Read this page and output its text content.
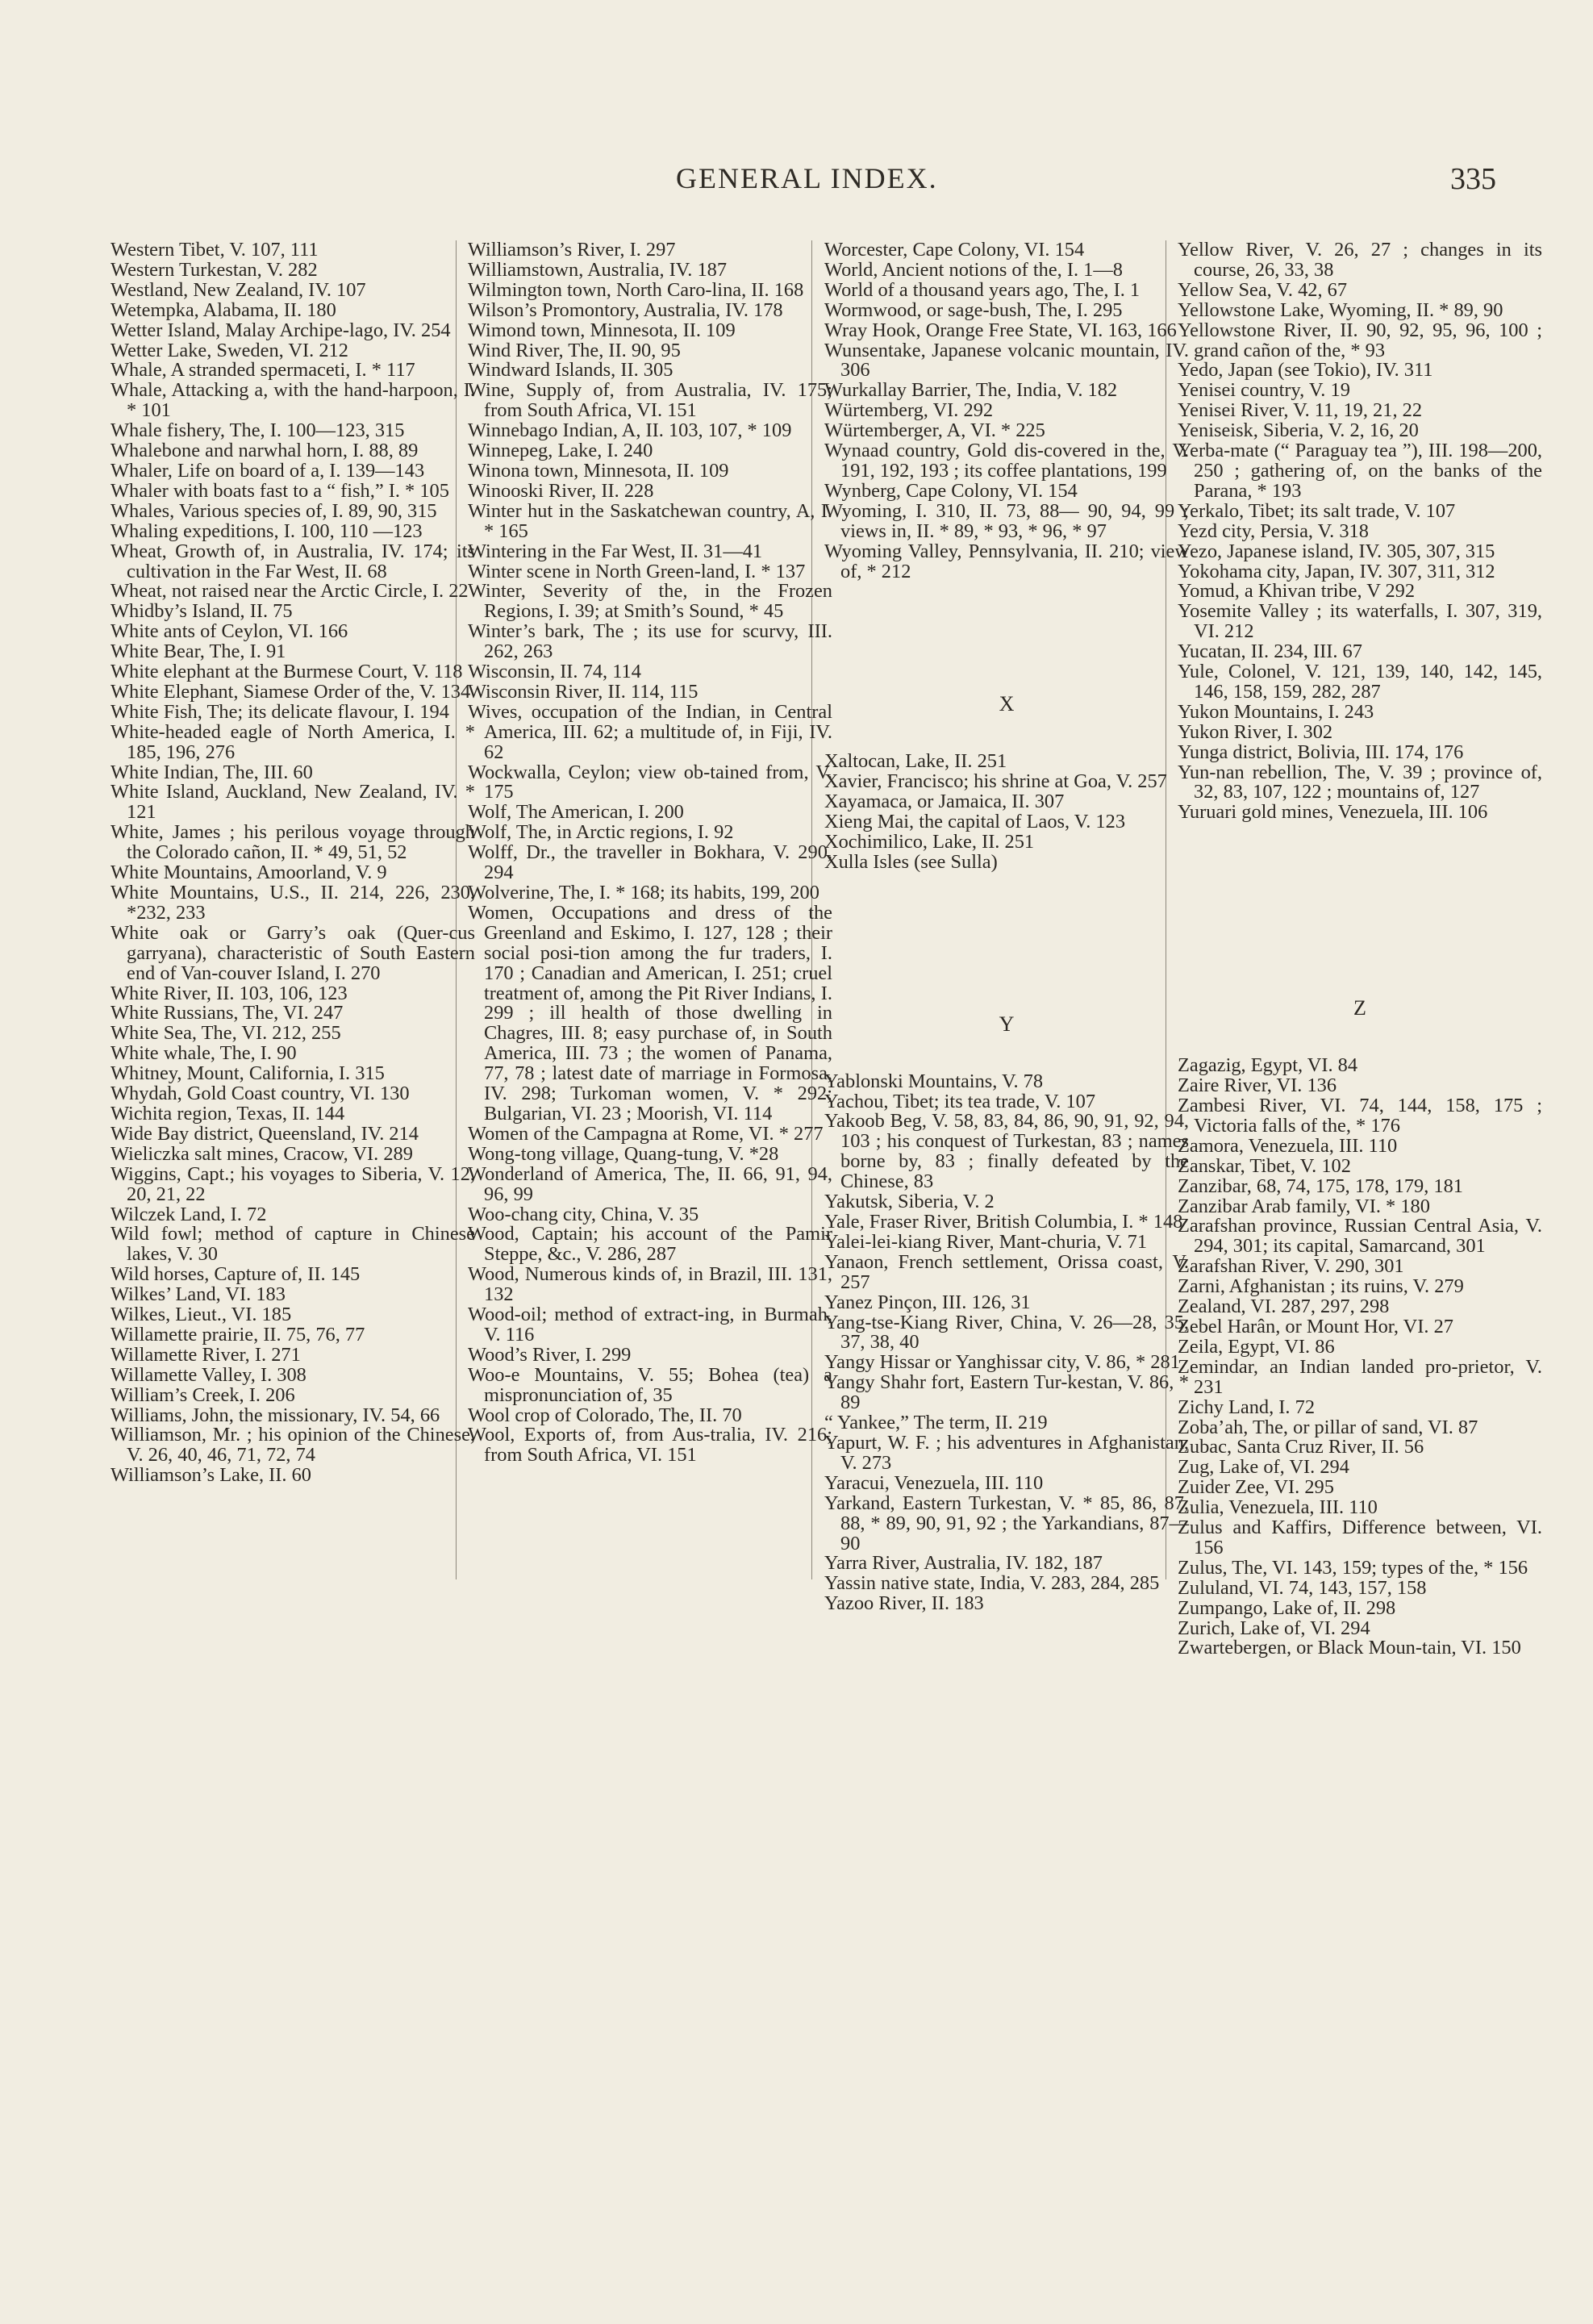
GENERAL INDEX.	335

Western Tibet, V. 107, 111

Western Turkestan, V. 282

Westland, New Zealand, IV. 107

Wetempka, Alabama, II. 180

Wetter Island, Malay Archipe-lago, IV. 254

Wetter Lake, Sweden, VI. 212

Whale, A stranded spermaceti, I. * 117

Whale, Attacking a, with the hand-harpoon, I. * 101

Whale fishery, The, I. 100—123, 315

Whalebone and narwhal horn, I. 88, 89

Whaler, Life on board of a, I. 139—143

Whaler with boats fast to a “ fish,” I. * 105

Whales, Various species of, I. 89, 90, 315

Whaling expeditions, I. 100, 110 —123

Wheat, Growth of, in Australia, IV. 174; its cultivation in the Far West, II. 68

Wheat, not raised near the Arctic Circle, I. 22

Whidby’s Island, II. 75

White ants of Ceylon, VI. 166

White Bear, The, I. 91

White elephant at the Burmese Court, V. 118

White Elephant, Siamese Order of the, V. 134

White Fish, The; its delicate flavour, I. 194

White-headed eagle of North America, I. * 185, 196, 276

White Indian, The, III. 60

White Island, Auckland, New Zealand, IV. * 121

White, James ; his perilous voyage through the Colorado cañon, II. * 49, 51, 52

White Mountains, Amoorland, V. 9

White Mountains, U.S., II. 214, 226, 230, *232, 233

White oak or Garry’s oak (Quer-cus garryana), characteristic of South Eastern end of Van-couver Island, I. 270

White River, II. 103, 106, 123

White Russians, The, VI. 247

White Sea, The, VI. 212, 255

White whale, The, I. 90

Whitney, Mount, California, I. 315

Whydah, Gold Coast country, VI. 130

Wichita region, Texas, II. 144

Wide Bay district, Queensland, IV. 214

Wieliczka salt mines, Cracow, VI. 289

Wiggins, Capt.; his voyages to Siberia, V. 12, 20, 21, 22

Wilczek Land, I. 72

Wild fowl; method of capture in Chinese lakes, V. 30

Wild horses, Capture of, II. 145

Wilkes’ Land, VI. 183

Wilkes, Lieut., VI. 185

Willamette prairie, II. 75, 76, 77

Willamette River, I. 271

Willamette Valley, I. 308

William’s Creek, I. 206

Williams, John, the missionary, IV. 54, 66

Williamson, Mr. ; his opinion of the Chinese, V. 26, 40, 46, 71, 72, 74

Williamson’s Lake, II. 60

Williamson’s River, I. 297

Williamstown, Australia, IV. 187

Wilmington town, North Caro-lina, II. 168

Wilson’s Promontory, Australia, IV. 178

Wimond town, Minnesota, II. 109

Wind River, The, II. 90, 95

Windward Islands, II. 305

Wine, Supply of, from Australia, IV. 175; from South Africa, VI. 151

Winnebago Indian, A, II. 103, 107, * 109

Winnepeg, Lake, I. 240

Winona town, Minnesota, II. 109

Winooski River, II. 228

Winter hut in the Saskatchewan country, A, I. * 165

Wintering in the Far West, II. 31—41

Winter scene in North Green-land, I. * 137

Winter, Severity of the, in the Frozen Regions, I. 39; at Smith’s Sound, * 45

Winter’s bark, The ; its use for scurvy, III. 262, 263

Wisconsin, II. 74, 114

Wisconsin River, II. 114, 115

Wives, occupation of the Indian, in Central America, III. 62; a multitude of, in Fiji, IV. 62

Wockwalla, Ceylon; view ob-tained from, V. 175

Wolf, The American, I. 200

Wolf, The, in Arctic regions, I. 92

Wolff, Dr., the traveller in Bokhara, V. 290, 294

Wolverine, The, I. * 168; its habits, 199, 200

Women, Occupations and dress of the Greenland and Eskimo, I. 127, 128 ; their social posi-tion among the fur traders, I. 170 ; Canadian and American, I. 251; cruel treatment of, among the Pit River Indians, I. 299 ; ill health of those dwelling in Chagres, III. 8; easy purchase of, in South America, III. 73 ; the women of Panama, 77, 78 ; latest date of marriage in Formosa, IV. 298; Turkoman women, V. * 292; Bulgarian, VI. 23 ; Moorish, VI. 114

Women of the Campagna at Rome, VI. * 277

Wong-tong village, Quang-tung, V. *28

Wonderland of America, The, II. 66, 91, 94, 96, 99

Woo-chang city, China, V. 35

Wood, Captain; his account of the Pamir Steppe, &c., V. 286, 287

Wood, Numerous kinds of, in Brazil, III. 131, 132

Wood-oil; method of extract-ing, in Burmah, V. 116

Wood’s River, I. 299

Woo-e Mountains, V. 55; Bohea (tea) a mispronunciation of, 35

Wool crop of Colorado, The, II. 70

Wool, Exports of, from Aus-tralia, IV. 216; from South Africa, VI. 151

Worcester, Cape Colony, VI. 154

World, Ancient notions of the, I. 1—8

World of a thousand years ago, The, I. 1

Wormwood, or sage-bush, The, I. 295

Wray Hook, Orange Free State, VI. 163, 166

Wunsentake, Japanese volcanic mountain, IV. 306

Wurkallay Barrier, The, India, V. 182

Würtemberg, VI. 292

Würtemberger, A, VI. * 225

Wynaad country, Gold dis-covered in the, V. 191, 192, 193 ; its coffee plantations, 199

Wynberg, Cape Colony, VI. 154

Wyoming, I. 310, II. 73, 88— 90, 94, 99 ; views in, II. * 89, * 93, * 96, * 97

Wyoming Valley, Pennsylvania, II. 210; view of, * 212

X

Xaltocan, Lake, II. 251

Xavier, Francisco; his shrine at Goa, V. 257

Xayamaca, or Jamaica, II. 307

Xieng Mai, the capital of Laos, V. 123

Xochimilico, Lake, II. 251

Xulla Isles (see Sulla)

Y

Yablonski Mountains, V. 78

Yachou, Tibet; its tea trade, V. 107

Yakoob Beg, V. 58, 83, 84, 86, 90, 91, 92, 94, 103 ; his conquest of Turkestan, 83 ; names borne by, 83 ; finally defeated by the Chinese, 83

Yakutsk, Siberia, V. 2

Yale, Fraser River, British Columbia, I. * 148

Yalei-lei-kiang River, Mant-churia, V. 71

Yanaon, French settlement, Orissa coast, V. 257

Yanez Pinçon, III. 126, 31

Yang-tse-Kiang River, China, V. 26—28, 35, 37, 38, 40

Yangy Hissar or Yanghissar city, V. 86, * 281

Yangy Shahr fort, Eastern Tur-kestan, V. 86, * 89

“ Yankee,” The term, II. 219

Yapurt, W. F. ; his adventures in Afghanistan, V. 273

Yaracui, Venezuela, III. 110

Yarkand, Eastern Turkestan, V. * 85, 86, 87, 88, * 89, 90, 91, 92 ; the Yarkandians, 87— 90

Yarra River, Australia, IV. 182, 187

Yassin native state, India, V. 283, 284, 285

Yazoo River, II. 183

Yellow River, V. 26, 27 ; changes in its course, 26, 33, 38

Yellow Sea, V. 42, 67

Yellowstone Lake, Wyoming, II. * 89, 90

Yellowstone River, II. 90, 92, 95, 96, 100 ; grand cañon of the, * 93

Yedo, Japan (see Tokio), IV. 311

Yenisei country, V. 19

Yenisei River, V. 11, 19, 21, 22

Yeniseisk, Siberia, V. 2, 16, 20

Yerba-mate (“ Paraguay tea ”), III. 198—200, 250 ; gathering of, on the banks of the Parana, * 193

Yerkalo, Tibet; its salt trade, V. 107

Yezd city, Persia, V. 318

Yezo, Japanese island, IV. 305, 307, 315

Yokohama city, Japan, IV. 307, 311, 312

Yomud, a Khivan tribe, V 292

Yosemite Valley ; its waterfalls, I. 307, 319, VI. 212

Yucatan, II. 234, III. 67

Yule, Colonel, V. 121, 139, 140, 142, 145, 146, 158, 159, 282, 287

Yukon Mountains, I. 243

Yukon River, I. 302

Yunga district, Bolivia, III. 174, 176

Yun-nan rebellion, The, V. 39 ; province of, 32, 83, 107, 122 ; mountains of, 127

Yuruari gold mines, Venezuela, III. 106

Z

Zagazig, Egypt, VI. 84

Zaire River, VI. 136

Zambesi River, VI. 74, 144, 158, 175 ; Victoria falls of the, * 176

Zamora, Venezuela, III. 110

Zanskar, Tibet, V. 102

Zanzibar, 68, 74, 175, 178, 179, 181

Zanzibar Arab family, VI. * 180

Zarafshan province, Russian Central Asia, V. 294, 301; its capital, Samarcand, 301

Zarafshan River, V. 290, 301

Zarni, Afghanistan ; its ruins, V. 279

Zealand, VI. 287, 297, 298

Zebel Harân, or Mount Hor, VI. 27

Zeila, Egypt, VI. 86

Zemindar, an Indian landed pro-prietor, V. 231

Zichy Land, I. 72

Zoba’ah, The, or pillar of sand, VI. 87

Zubac, Santa Cruz River, II. 56

Zug, Lake of, VI. 294

Zuider Zee, VI. 295

Zulia, Venezuela, III. 110

Zulus and Kaffirs, Difference between, VI. 156

Zulus, The, VI. 143, 159; types of the, * 156

Zululand, VI. 74, 143, 157, 158

Zumpango, Lake of, II. 298

Zurich, Lake of, VI. 294

Zwartebergen, or Black Moun-tain, VI. 150
